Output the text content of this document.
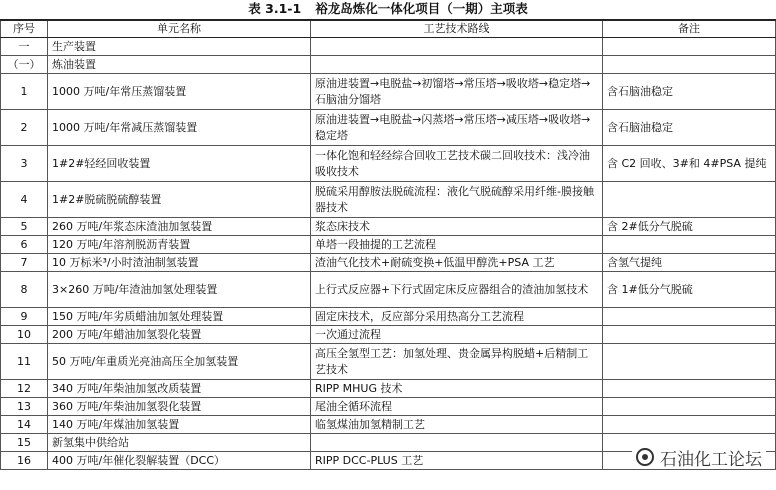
表 3.1-1 裕龙岛炼化一体化项目（一期）主项表
序号	单元名称	工艺技术路线	备注
一	生产装置		
（一）	炼油装置		
1	1000 万吨/年常压蒸馏装置	原油进装置→电脱盐→初馏塔→常压塔→吸收塔→稳定塔→石脑油分馏塔	含石脑油稳定
2	1000 万吨/年常减压蒸馏装置	原油进装置→电脱盐→闪蒸塔→常压塔→减压塔→吸收塔→稳定塔	含石脑油稳定
3	1#2#轻经回收装置	一体化饱和轻经综合回收工艺技术碳二回收技术：浅冷油吸收技术	含 C2 回收、3#和 4#PSA 提纯
4	1#2#脱硫脱硫醇装置	脱硫采用醇胺法脱硫流程：液化气脱硫醇采用纤维-膜接触器技术	
5	260 万吨/年浆态床渣油加氢装置	浆态床技术	含 2#低分气脱硫
6	120 万吨/年溶剂脱沥青装置	单塔一段抽提的工艺流程	
7	10 万标米³/小时渣油制氢装置	渣油气化技术+耐硫变换+低温甲醇洗+PSA 工艺	含氢气提纯
8	3×260 万吨/年渣油加氢处理装置	上行式反应器+下行式固定床反应器组合的渣油加氢技术	含 1#低分气脱硫
9	150 万吨/年劣质蜡油加氢处理装置	固定床技术，反应部分采用热高分工艺流程	
10	200 万吨/年蜡油加氢裂化装置	一次通过流程	
11	50 万吨/年重质光亮油高压全加氢装置	高压全氢型工艺：加氢处理、贵金属异构脱蜡+后精制工艺技术	
12	340 万吨/年柴油加氢改质装置	RIPP MHUG 技术	
13	360 万吨/年柴油加氢裂化装置	尾油全循环流程	
14	140 万吨/年煤油加氢装置	临氢煤油加氢精制工艺	
15	新氢集中供给站		
16	400 万吨/年催化裂解装置（DCC）	RIPP DCC-PLUS 工艺		石油化工论坛
